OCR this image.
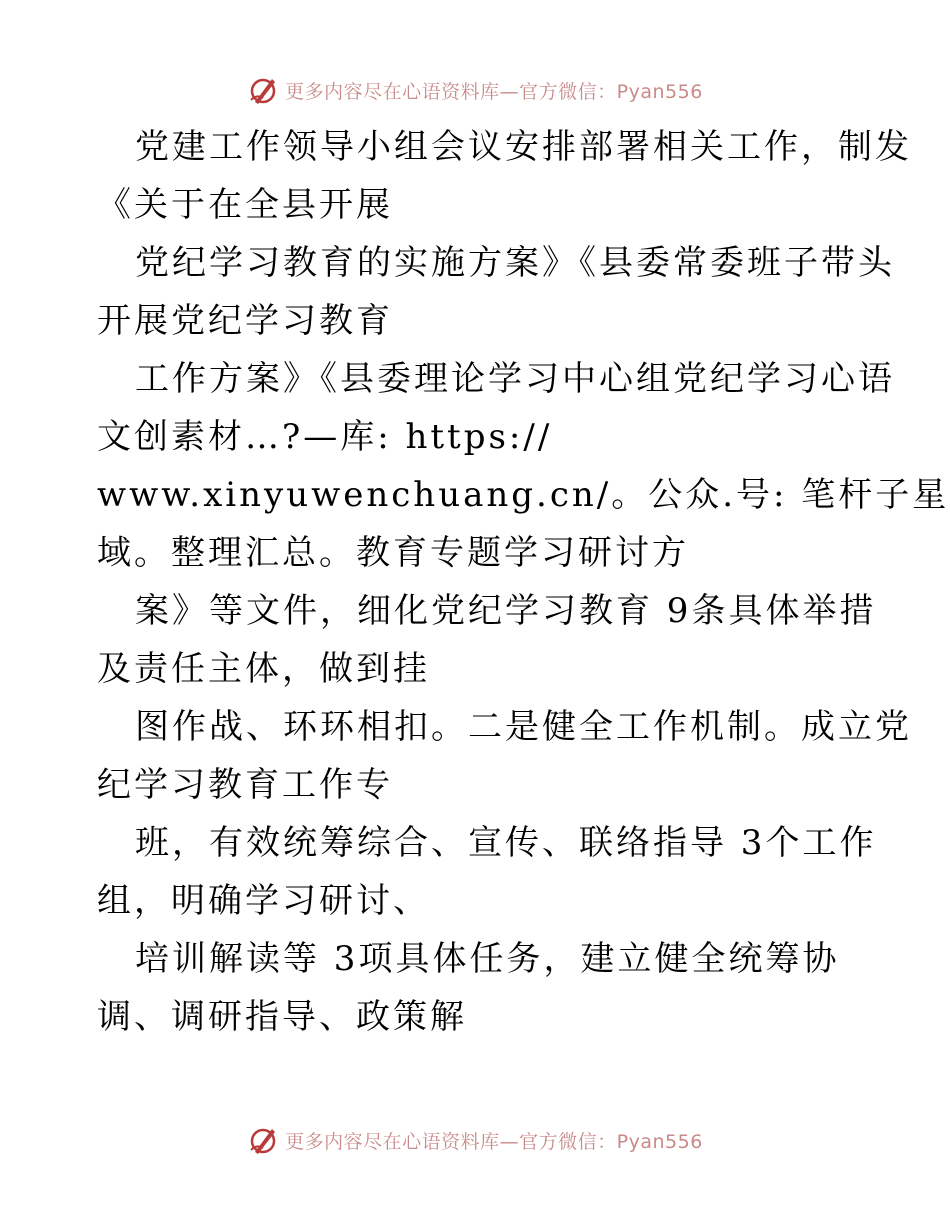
更多内容尽在心语资料库—官方微信：Pyan556
党建工作领导小组会议安排部署相关工作，制发
《关于在全县开展
党纪学习教育的实施方案》《县委常委班子带头
开展党纪学习教育
工作方案》《县委理论学习中心组党纪学习心语
文创素材…?—库: https://
www.xinyuwenchuang.cn/。公众.号: 笔杆子星
域。整理汇总。教育专题学习研讨方
案》等文件，细化党纪学习教育 9条具体举措
及责任主体，做到挂
图作战、环环相扣。二是健全工作机制。成立党
纪学习教育工作专
班，有效统筹综合、宣传、联络指导 3个工作
组，明确学习研讨、
培训解读等 3项具体任务，建立健全统筹协
调、调研指导、政策解
更多内容尽在心语资料库—官方微信：Pyan556
